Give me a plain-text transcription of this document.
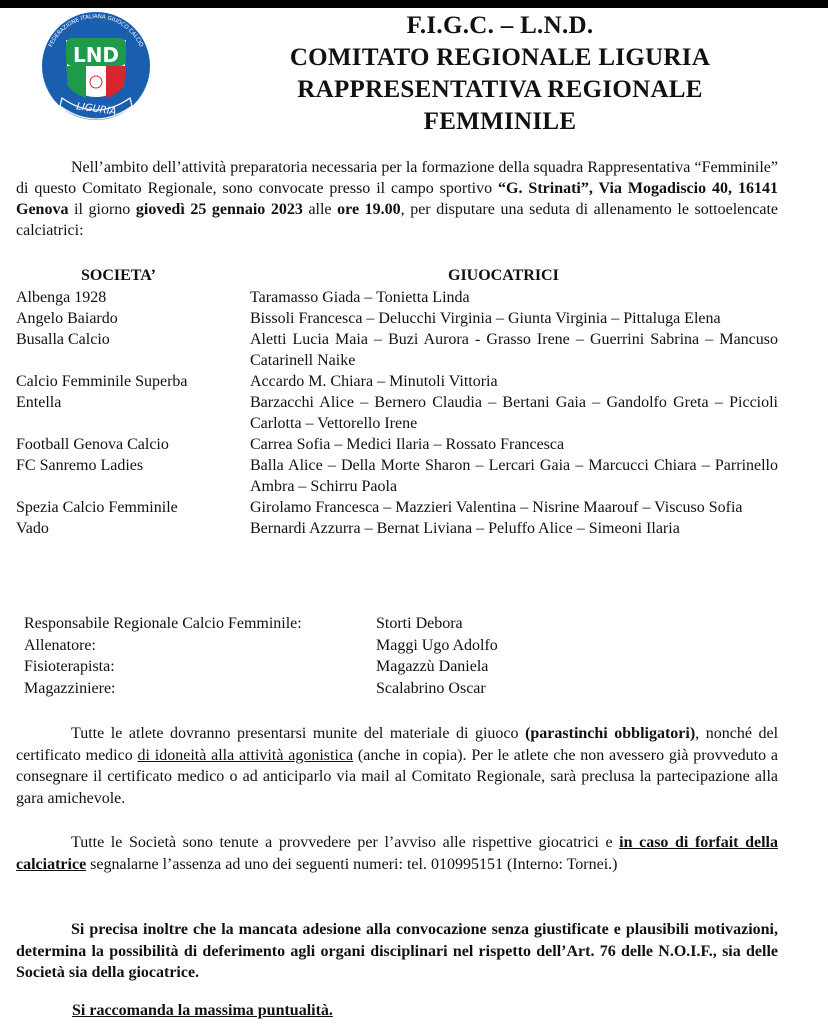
FEDERAZIONE ITALIANA GIUOCO CALCIO
LND
LIGURIA
F.I.G.C. – L.N.D.
COMITATO REGIONALE LIGURIA
RAPPRESENTATIVA REGIONALE
FEMMINILE

Nell’ambito dell’attività preparatoria necessaria per la formazione della squadra Rappresentativa “Femminile” di questo Comitato Regionale, sono convocate presso il campo sportivo “G. Strinati”, Via Mogadiscio 40, 16141 Genova il giorno giovedì 25 gennaio 2023 alle ore 19.00, per disputare una seduta di allenamento le sottoelencate calciatrici:

SOCIETA’	GIUOCATRICI
Albenga 1928	Taramasso Giada – Tonietta Linda
Angelo Baiardo	Bissoli Francesca – Delucchi Virginia – Giunta Virginia – Pittaluga Elena
Busalla Calcio	Aletti Lucia Maia – Buzi Aurora - Grasso Irene – Guerrini Sabrina – Mancuso Catarinell Naike
Calcio Femminile Superba	Accardo M. Chiara – Minutoli Vittoria
Entella	Barzacchi Alice – Bernero Claudia – Bertani Gaia – Gandolfo Greta – Piccioli Carlotta – Vettorello Irene
Football Genova Calcio	Carrea Sofia – Medici Ilaria – Rossato Francesca
FC Sanremo Ladies	Balla Alice – Della Morte Sharon – Lercari Gaia – Marcucci Chiara – Parrinello Ambra – Schirru Paola
Spezia Calcio Femminile	Girolamo Francesca – Mazzieri Valentina – Nisrine Maarouf – Viscuso Sofia
Vado	Bernardi Azzurra – Bernat Liviana – Peluffo Alice – Simeoni Ilaria
Responsabile Regionale Calcio Femminile:	Storti Debora
Allenatore:	Maggi Ugo Adolfo
Fisioterapista:	Magazzù Daniela
Magazziniere:	Scalabrino Oscar

Tutte le atlete dovranno presentarsi munite del materiale di giuoco (parastinchi obbligatori), nonché del certificato medico di idoneità alla attività agonistica (anche in copia). Per le atlete che non avessero già provveduto a consegnare il certificato medico o ad anticiparlo via mail al Comitato Regionale, sarà preclusa la partecipazione alla gara amichevole.

Tutte le Società sono tenute a provvedere per l’avviso alle rispettive giocatrici e in caso di forfait della calciatrice segnalarne l’assenza ad uno dei seguenti numeri: tel. 010995151 (Interno: Tornei.)

Si precisa inoltre che la mancata adesione alla convocazione senza giustificate e plausibili motivazioni, determina la possibilità di deferimento agli organi disciplinari nel rispetto dell’Art. 76 delle N.O.I.F., sia delle Società sia della giocatrice.

Si raccomanda la massima puntualità.
